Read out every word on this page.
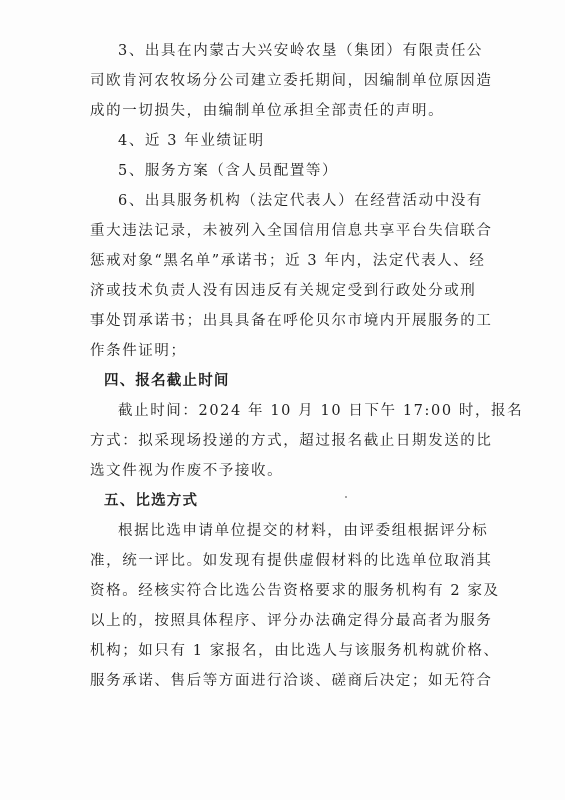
3、出具在内蒙古大兴安岭农垦（集团）有限责任公
司欧肯河农牧场分公司建立委托期间，因编制单位原因造
成的一切损失，由编制单位承担全部责任的声明。
4、近 3 年业绩证明
5、服务方案（含人员配置等）
6、出具服务机构（法定代表人）在经营活动中没有
重大违法记录，未被列入全国信用信息共享平台失信联合
惩戒对象“黑名单”承诺书；近 3 年内，法定代表人、经
济或技术负责人没有因违反有关规定受到行政处分或刑
事处罚承诺书；出具具备在呼伦贝尔市境内开展服务的工
作条件证明；
四、报名截止时间
截止时间：2024 年 10 月 10 日下午 17:00 时，报名
方式：拟采现场投递的方式，超过报名截止日期发送的比
选文件视为作废不予接收。
五、比选方式
根据比选申请单位提交的材料，由评委组根据评分标
准，统一评比。如发现有提供虚假材料的比选单位取消其
资格。经核实符合比选公告资格要求的服务机构有 2 家及
以上的，按照具体程序、评分办法确定得分最高者为服务
机构；如只有 1 家报名，由比选人与该服务机构就价格、
服务承诺、售后等方面进行洽谈、磋商后决定；如无符合
